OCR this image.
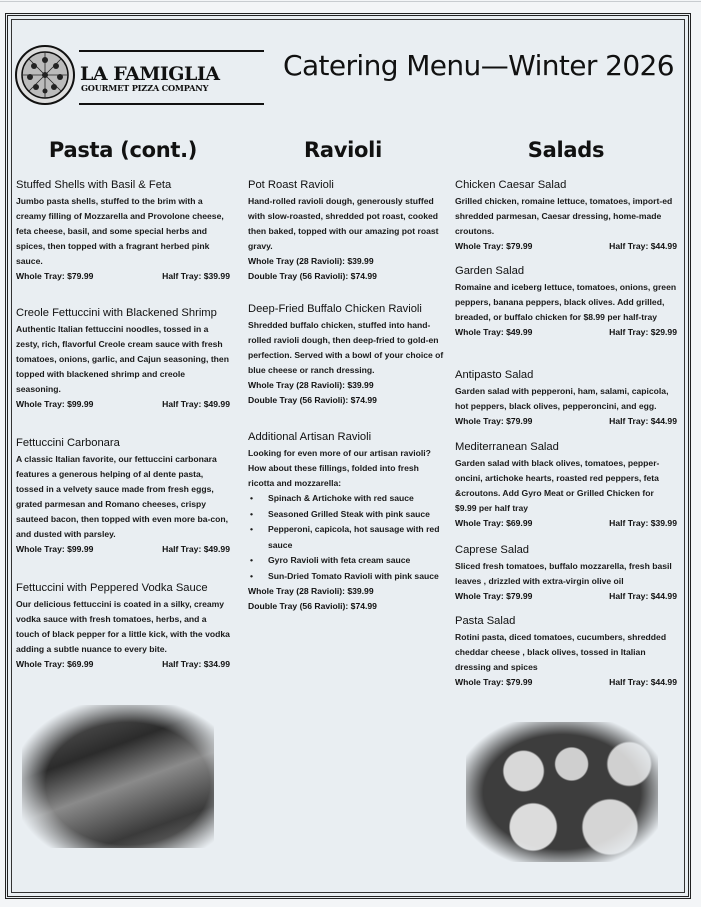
LA FAMIGLIA
GOURMET PIZZA COMPANY
Catering Menu—Winter 2026
Pasta (cont.)	Ravioli	Salads
Stuffed Shells with Basil & Feta

Jumbo pasta shells, stuffed to the brim with a creamy filling of Mozzarella and Provolone cheese, feta cheese, basil, and some special herbs and spices, then topped with a fragrant herbed pink sauce.

Whole Tray: $79.99	Half Tray: $39.99
Creole Fettuccini with Blackened Shrimp

Authentic Italian fettuccini noodles, tossed in a zesty, rich, flavorful Creole cream sauce with fresh tomatoes, onions, garlic, and Cajun seasoning, then topped with blackened shrimp and creole seasoning.

Whole Tray: $99.99	Half Tray: $49.99
Fettuccini Carbonara

A classic Italian favorite, our fettuccini carbonara features a generous helping of al dente pasta, tossed in a velvety sauce made from fresh eggs, grated parmesan and Romano cheeses, crispy sauteed bacon, then topped with even more ba-con, and dusted with parsley.

Whole Tray: $99.99	Half Tray: $49.99
Fettuccini with Peppered Vodka Sauce

Our delicious fettuccini is coated in a silky, creamy vodka sauce with fresh tomatoes, herbs, and a touch of black pepper for a little kick, with the vodka adding a subtle nuance to every bite.

Whole Tray: $69.99	Half Tray: $34.99
Pot Roast Ravioli

Hand-rolled ravioli dough, generously stuffed with slow-roasted, shredded pot roast, cooked then baked, topped with our amazing pot roast gravy.

Whole Tray (28 Ravioli): $39.99
Double Tray (56 Ravioli): $74.99
Deep-Fried Buffalo Chicken Ravioli

Shredded buffalo chicken, stuffed into hand-rolled ravioli dough, then deep-fried to gold-en perfection. Served with a bowl of your choice of blue cheese or ranch dressing.

Whole Tray (28 Ravioli): $39.99
Double Tray (56 Ravioli): $74.99
Additional Artisan Ravioli

Looking for even more of our artisan ravioli? How about these fillings, folded into fresh ricotta and mozzarella:

• Spinach & Artichoke with red sauce
• Seasoned Grilled Steak with pink sauce
• Pepperoni, capicola, hot sausage with red sauce
• Gyro Ravioli with feta cream sauce
• Sun-Dried Tomato Ravioli with pink sauce
Whole Tray (28 Ravioli): $39.99
Double Tray (56 Ravioli): $74.99
Chicken Caesar Salad

Grilled chicken, romaine lettuce, tomatoes, import-ed shredded parmesan, Caesar dressing, home-made croutons.

Whole Tray: $79.99	Half Tray: $44.99
Garden Salad

Romaine and iceberg lettuce, tomatoes, onions, green peppers, banana peppers, black olives. Add grilled, breaded, or buffalo chicken for $8.99 per half-tray

Whole Tray: $49.99	Half Tray: $29.99
Antipasto Salad

Garden salad with pepperoni, ham, salami, capicola, hot peppers, black olives, pepperoncini, and egg.

Whole Tray: $79.99	Half Tray: $44.99
Mediterranean Salad

Garden salad with black olives, tomatoes, pepper-oncini, artichoke hearts, roasted red peppers, feta &croutons. Add Gyro Meat or Grilled Chicken for $9.99 per half tray

Whole Tray: $69.99	Half Tray: $39.99
Caprese Salad

Sliced fresh tomatoes, buffalo mozzarella, fresh basil leaves , drizzled with extra-virgin olive oil

Whole Tray: $79.99	Half Tray: $44.99
Pasta Salad

Rotini pasta, diced tomatoes, cucumbers, shredded cheddar cheese , black olives, tossed in Italian dressing and spices

Whole Tray: $79.99	Half Tray: $44.99
